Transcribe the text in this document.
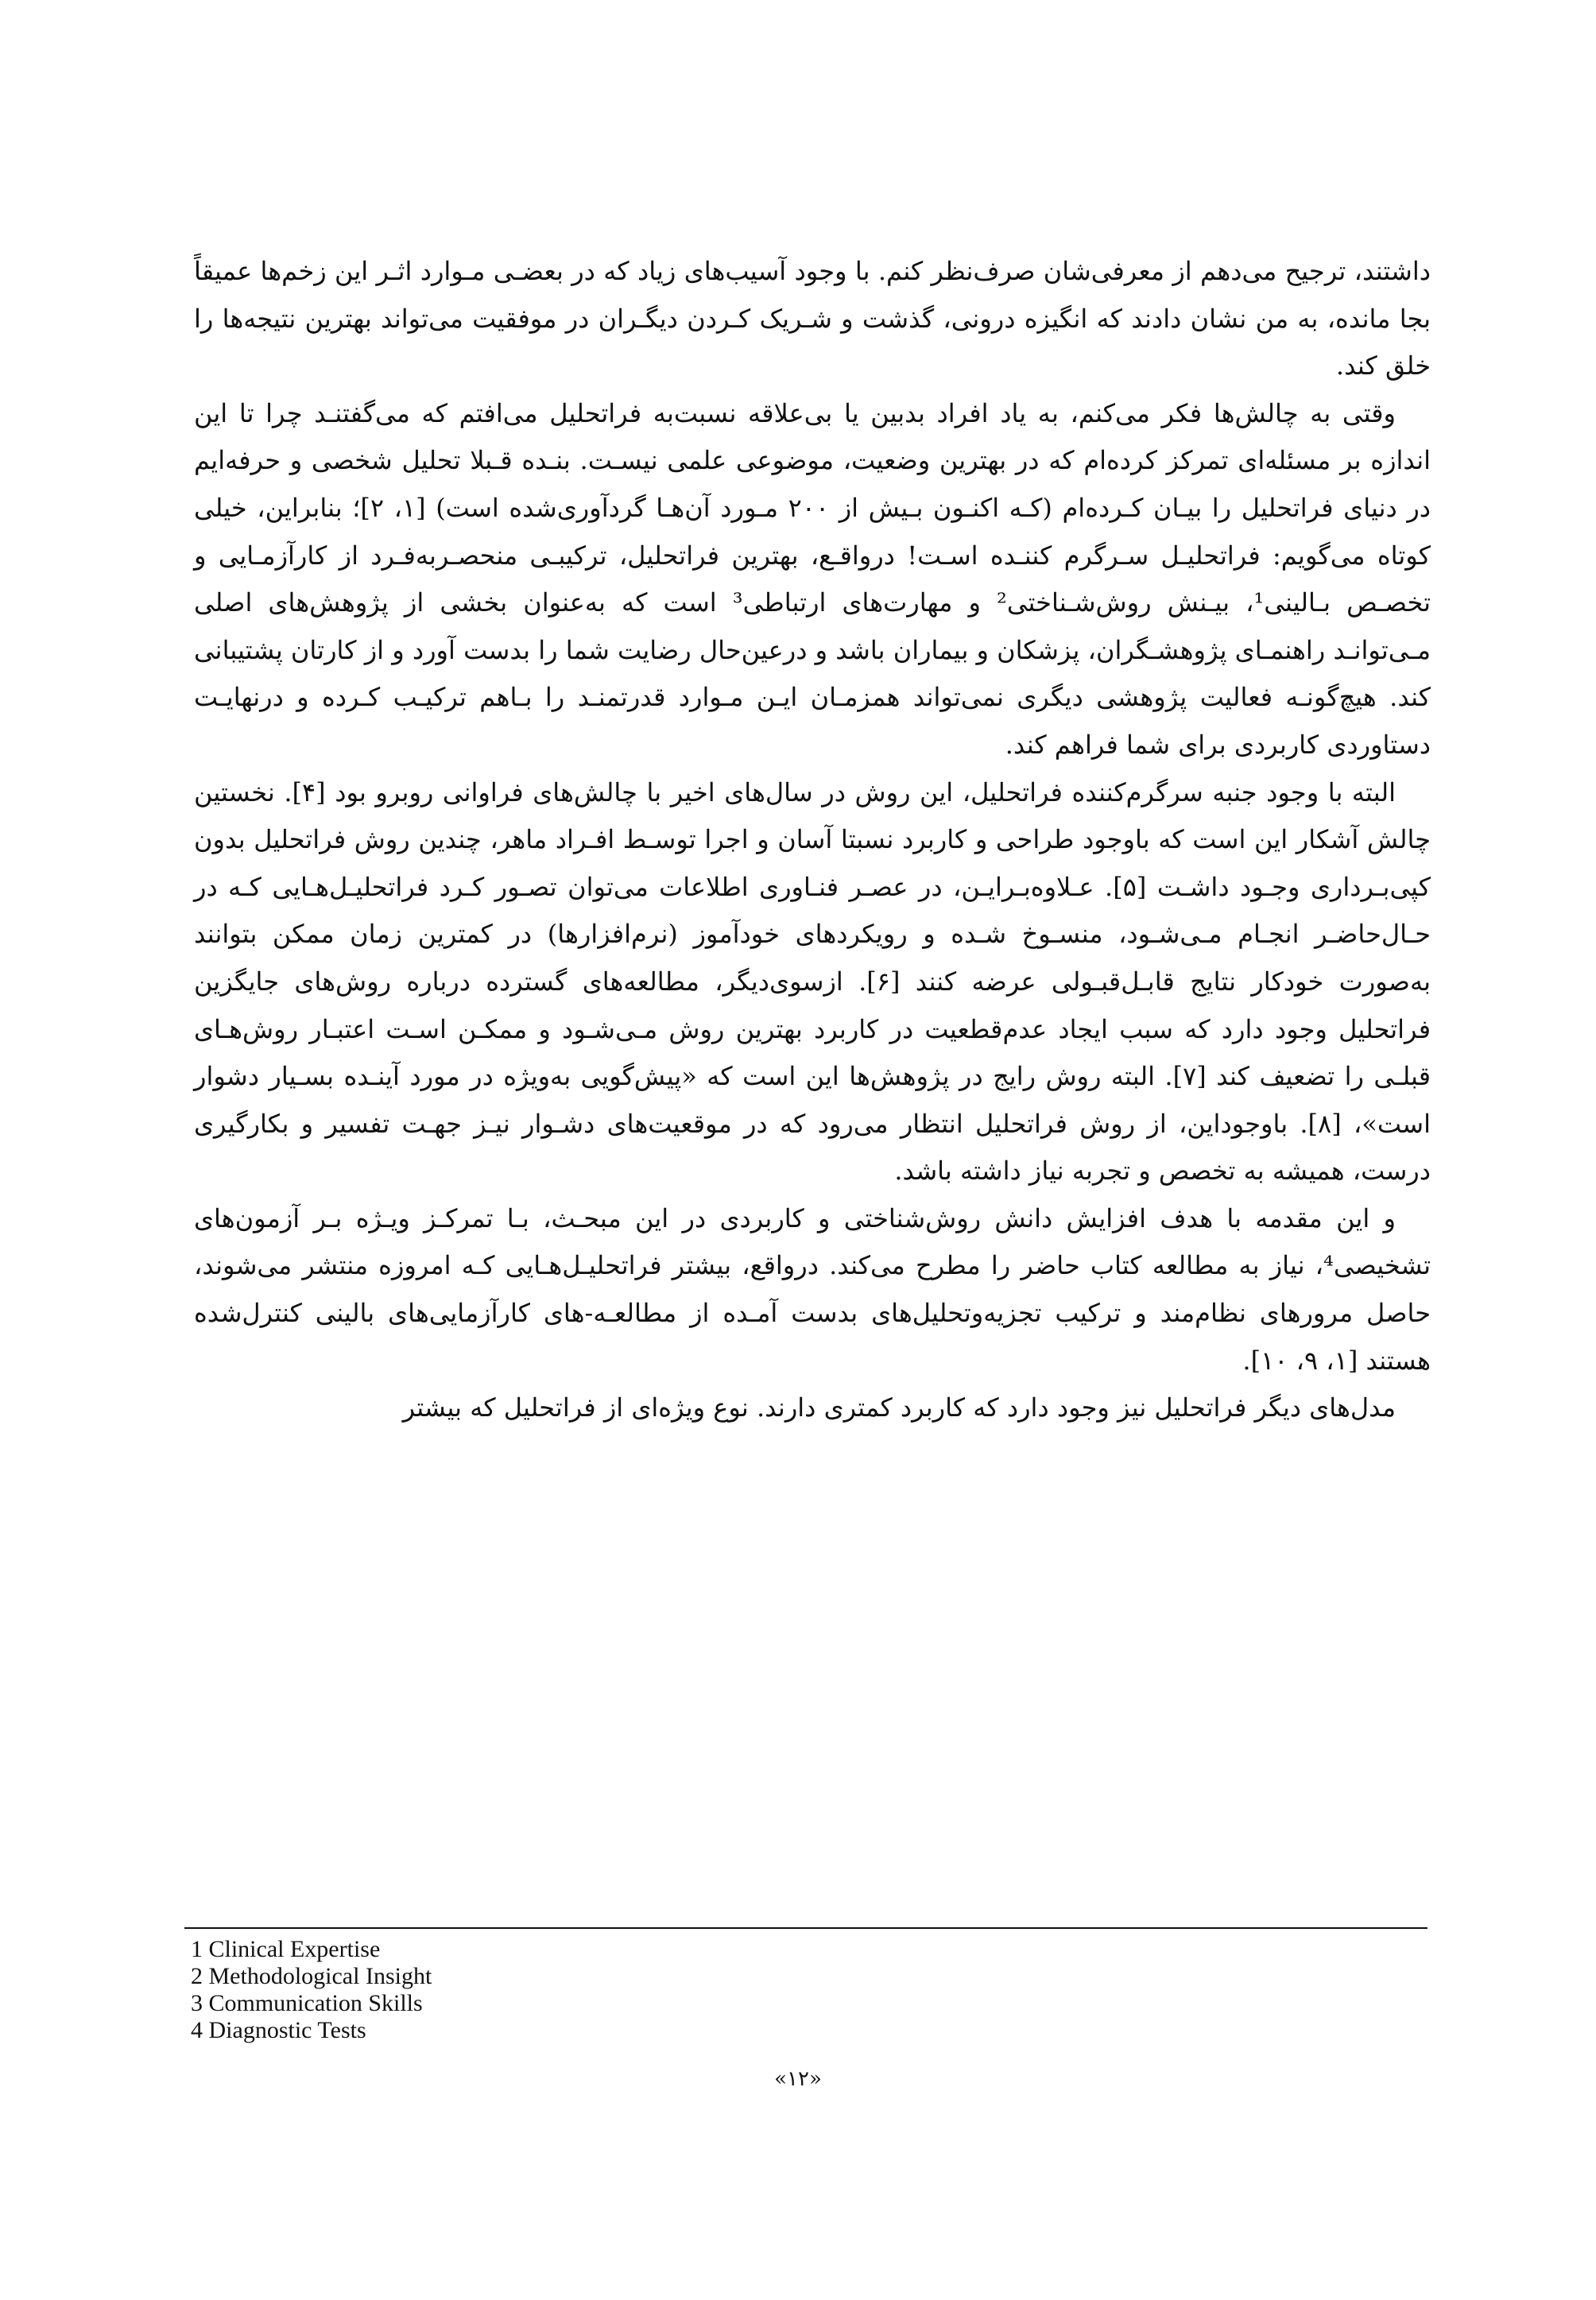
داشتند، ترجیح می‌دهم از معرفی‌شان صرف‌نظر کنم. با وجود آسیب‌های زیاد که در بعضـی مـوارد اثـر این زخم‌ها عمیقاً بجا مانده، به من نشان دادند که انگیزه درونی، گذشت و شـریک کـردن دیگـران در موفقیت می‌تواند بهترین نتیجه‌ها را خلق کند.

وقتی به چالش‌ها فکر می‌کنم، به یاد افراد بدبین یا بی‌علاقه نسبت‌به فراتحلیل می‌افتم که می‌گفتنـد چرا تا این اندازه بر مسئله‌ای تمرکز کرده‌ام که در بهترین وضعیت، موضوعی علمی نیسـت. بنـده قـبلا تحلیل شخصی و حرفه‌ایم در دنیای فراتحلیل را بیـان کـرده‌ام (کـه اکنـون بـیش از ۲۰۰ مـورد آن‌هـا گردآوری‌شده است) [۱، ۲]؛ بنابراین، خیلی کوتاه می‌گویم: فراتحلیـل سـرگرم کننـده اسـت! درواقـع، بهترین فراتحلیل، ترکیبـی منحصـربه‌فـرد از کارآزمـایی و تخصـص بـالینی¹، بیـنش روش‌شـناختی² و مهارت‌های ارتباطی³ است که به‌عنوان بخشی از پژوهش‌های اصلی مـی‌توانـد راهنمـای پژوهشـگران، پزشکان و بیماران باشد و درعین‌حال رضایت شما را بدست آورد و از کارتان پشتیبانی کند. هیچ‌گونـه فعالیت پژوهشی دیگری نمی‌تواند همزمـان ایـن مـوارد قدرتمنـد را بـاهم ترکیـب کـرده و درنهایـت دستاوردی کاربردی برای شما فراهم کند.

البته با وجود جنبه سرگرم‌کننده فراتحلیل، این روش در سال‌های اخیر با چالش‌های فراوانی روبرو بود [۴]. نخستین چالش آشکار این است که باوجود طراحی و کاربرد نسبتا آسان و اجرا توسـط افـراد ماهر، چندین روش فراتحلیل بدون کپی‌بـرداری وجـود داشـت [۵]. عـلاوه‌بـرایـن، در عصـر فنـاوری اطلاعات می‌توان تصـور کـرد فراتحلیـل‌هـایی کـه در حـال‌حاضـر انجـام مـی‌شـود، منسـوخ شـده و رویکردهای خودآموز (نرم‌افزارها) در کمترین زمان ممکن بتوانند به‌صورت خودکار نتایج قابـل‌قبـولی عرضه کنند [۶]. ازسوی‌دیگر، مطالعه‌های گسترده درباره روش‌های جایگزین فراتحلیل وجود دارد که سبب ایجاد عدم‌قطعیت در کاربرد بهترین روش مـی‌شـود و ممکـن اسـت اعتبـار روش‌هـای قبلـی را تضعیف کند [۷]. البته روش رایج در پژوهش‌ها این است که «پیش‌گویی به‌ویژه در مورد آینـده بسـیار دشوار است»، [۸]. باوجوداین، از روش فراتحلیل انتظار می‌رود که در موقعیت‌های دشـوار نیـز جهـت تفسیر و بکارگیری درست، همیشه به تخصص و تجربه نیاز داشته باشد.

و این مقدمه با هدف افزایش دانش روش‌شناختی و کاربردی در این مبحـث، بـا تمرکـز ویـژه بـر آزمون‌های تشخیصی⁴، نیاز به مطالعه کتاب حاضر را مطرح می‌کند. درواقع، بیشتر فراتحلیـل‌هـایی کـه امروزه منتشر می‌شوند، حاصل مرورهای نظام‌مند و ترکیب تجزیه‌وتحلیل‌های بدست آمـده از مطالعـه-های کارآزمایی‌های بالینی کنترل‌شده هستند [۱، ۹، ۱۰].

مدل‌های دیگر فراتحلیل نیز وجود دارد که کاربرد کمتری دارند. نوع ویژه‌ای از فراتحلیل که بیشتر

1 Clinical Expertise
2 Methodological Insight
3 Communication Skills
4 Diagnostic Tests
«۱۲»
